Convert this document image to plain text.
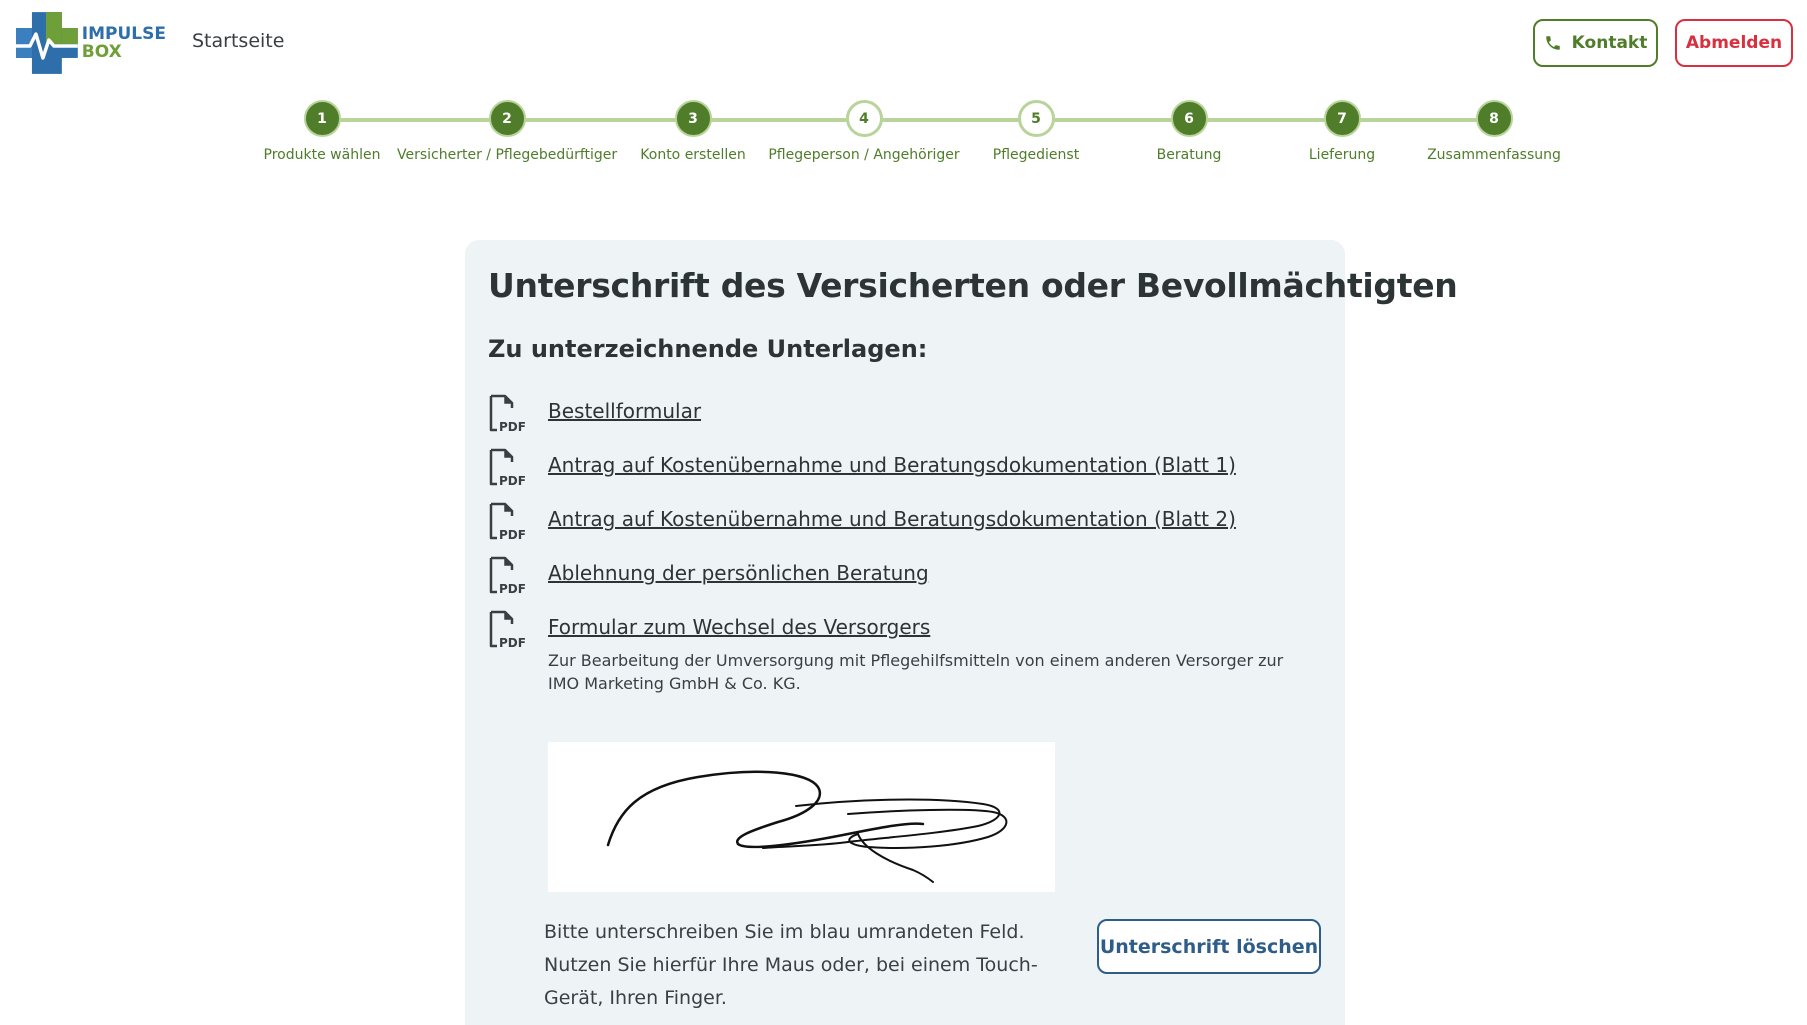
IMPULSE
BOX	Startseite	Kontakt Abmelden
1
Produkte wählen
2
Versicherter / Pflegebedürftiger
3
Konto erstellen
4
Pflegeperson / Angehöriger
5
Pflegedienst
6
Beratung
7
Lieferung
8
Zusammenfassung
Unterschrift des Versicherten oder Bevollmächtigten
Zu unterzeichnende Unterlagen:
PDF
Bestellformular
PDF
Antrag auf Kostenübernahme und Beratungsdokumentation (Blatt 1)
PDF
Antrag auf Kostenübernahme und Beratungsdokumentation (Blatt 2)
PDF
Ablehnung der persönlichen Beratung
PDF
Formular zum Wechsel des Versorgers
Zur Bearbeitung der Umversorgung mit Pflegehilfsmitteln von einem anderen Versorger zur IMO Marketing GmbH & Co. KG.
Bitte unterschreiben Sie im blau umrandeten Feld. Nutzen Sie hierfür Ihre Maus oder, bei einem Touch-Gerät, Ihren Finger.
Unterschrift löschen
